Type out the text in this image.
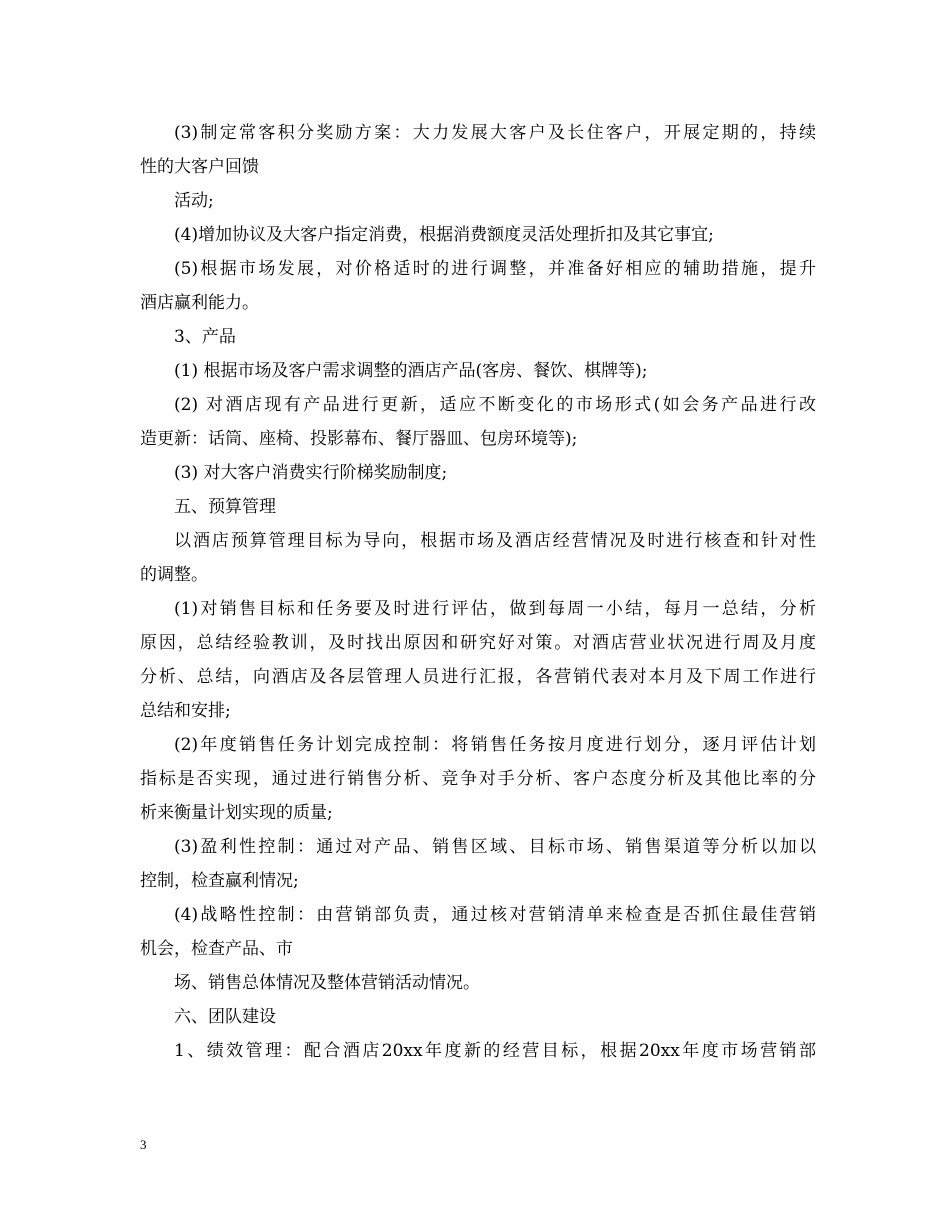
(3)制定常客积分奖励方案：大力发展大客户及长住客户，开展定期的，持续
性的大客户回馈
活动;
(4)增加协议及大客户指定消费，根据消费额度灵活处理折扣及其它事宜;
(5)根据市场发展，对价格适时的进行调整，并准备好相应的辅助措施，提升
酒店赢利能力。
3、产品
(1) 根据市场及客户需求调整的酒店产品(客房、餐饮、棋牌等);
(2) 对酒店现有产品进行更新，适应不断变化的市场形式(如会务产品进行改
造更新：话筒、座椅、投影幕布、餐厅器皿、包房环境等);
(3) 对大客户消费实行阶梯奖励制度;
五、预算管理
以酒店预算管理目标为导向，根据市场及酒店经营情况及时进行核查和针对性
的调整。
(1)对销售目标和任务要及时进行评估，做到每周一小结，每月一总结，分析
原因，总结经验教训，及时找出原因和研究好对策。对酒店营业状况进行周及月度
分析、总结，向酒店及各层管理人员进行汇报，各营销代表对本月及下周工作进行
总结和安排;
(2)年度销售任务计划完成控制：将销售任务按月度进行划分，逐月评估计划
指标是否实现，通过进行销售分析、竞争对手分析、客户态度分析及其他比率的分
析来衡量计划实现的质量;
(3)盈利性控制：通过对产品、销售区域、目标市场、销售渠道等分析以加以
控制，检查赢利情况;
(4)战略性控制：由营销部负责，通过核对营销清单来检查是否抓住最佳营销
机会，检查产品、市
场、销售总体情况及整体营销活动情况。
六、团队建设
1、绩效管理：配合酒店20xx年度新的经营目标，根据20xx年度市场营销部
3
